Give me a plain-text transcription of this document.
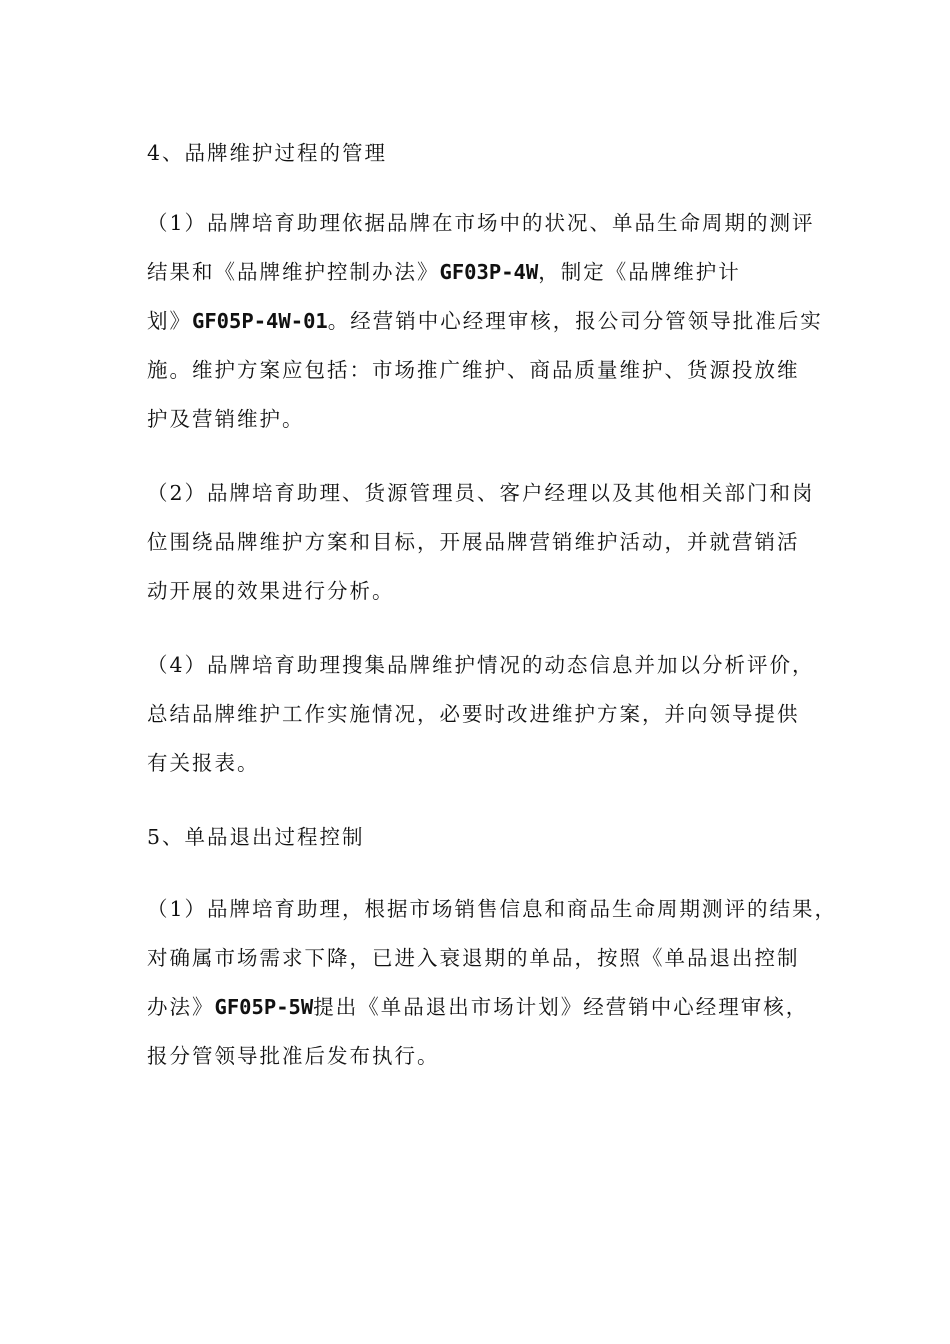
4、品牌维护过程的管理
（1）品牌培育助理依据品牌在市场中的状况、单品生命周期的测评
结果和《品牌维护控制办法》GF03P-4W，制定《品牌维护计
划》GF05P-4W-01。经营销中心经理审核，报公司分管领导批准后实
施。维护方案应包括：市场推广维护、商品质量维护、货源投放维
护及营销维护。
（2）品牌培育助理、货源管理员、客户经理以及其他相关部门和岗
位围绕品牌维护方案和目标，开展品牌营销维护活动，并就营销活
动开展的效果进行分析。
（4）品牌培育助理搜集品牌维护情况的动态信息并加以分析评价，
总结品牌维护工作实施情况，必要时改进维护方案，并向领导提供
有关报表。
5、单品退出过程控制
（1）品牌培育助理，根据市场销售信息和商品生命周期测评的结果，
对确属市场需求下降，已进入衰退期的单品，按照《单品退出控制
办法》GF05P-5W提出《单品退出市场计划》经营销中心经理审核，
报分管领导批准后发布执行。
